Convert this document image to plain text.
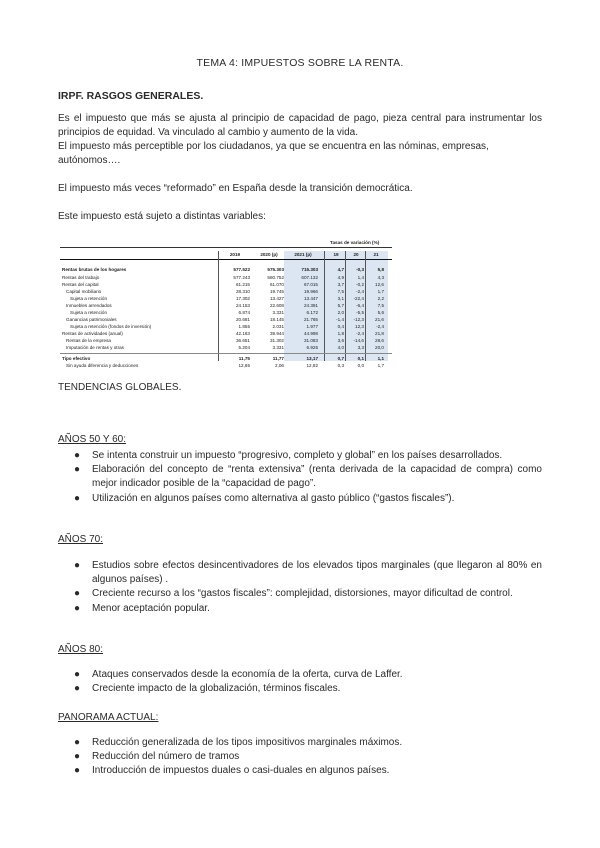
TEMA 4: IMPUESTOS SOBRE LA RENTA.
IRPF. RASGOS GENERALES.
Es el impuesto que más se ajusta al principio de capacidad de pago, pieza central para instrumentar los principios de equidad. Va vinculado al cambio y aumento de la vida.
El impuesto más perceptible por los ciudadanos, ya que se encuentra en las nóminas, empresas, autónomos….
El impuesto más veces “reformado” en España desde la transición democrática.
Este impuesto está sujeto a distintas variables:
Tasas de variación (%)
2019	2020 (p)	2021 (p)	19	20	21
Rentas brutas de los hogares	577.522	575.303	715.303	4,7	-0,3	5,8
Rentas del trabajo	577.243	580.752	607.132	4,9	1,4	4,3
Rentas del capital	61.215	61.070	67.015	3,7	-0,2	12,6
Capital mobiliario	28.310	19.745	19.966	7,5	-2,4	1,7
Sujeta a retención	17.302	13.427	13.447	3,1	-22,4	2,2
Inmuebles arrendados	24.153	22.608	24.391	5,7	-6,4	7,5
Sujeta a retención	6.874	3.331	6.172	2,0	-5,5	5,6
Ganancias patrimoniales	20.681	18.145	21.765	-1,4	-12,3	21,6
Sujeta a retención (fondos de inversión)	1.855	2.031	1.977	0,4	12,3	-2,4
Rentas de actividades (anual)	42.163	39.944	44.998	1,8	-2,4	21,8
Rentas de la empresa	36.651	31.302	31.083	3,6	-14,6	28,6
Imputación de rentas y otras	5.204	3.331	6.925	4,0	3,3	20,0
Tipo efectivo	11,75	11,77	13,17	0,7	0,1	1,1
Sin ayuda diferencia y deducciones	12,65	2,06	12,82	0,3	0,0	1,7
TENDENCIAS GLOBALES.
AÑOS 50 Y 60:
● Se intenta construir un impuesto “progresivo, completo y global” en los países desarrollados.
● Elaboración del concepto de “renta extensiva” (renta derivada de la capacidad de compra) como mejor indicador posible de la “capacidad de pago”.
● Utilización en algunos países como alternativa al gasto público (“gastos fiscales”).
AÑOS 70:
● Estudios sobre efectos desincentivadores de los elevados tipos marginales (que llegaron al 80% en algunos países) .
● Creciente recurso a los “gastos fiscales”: complejidad, distorsiones, mayor dificultad de control.
● Menor aceptación popular.
AÑOS 80:
● Ataques conservados desde la economía de la oferta, curva de Laffer.
● Creciente impacto de la globalización, términos fiscales.
PANORAMA ACTUAL:
● Reducción generalizada de los tipos impositivos marginales máximos.
● Reducción del número de tramos
● Introducción de impuestos duales o casi-duales en algunos países.
